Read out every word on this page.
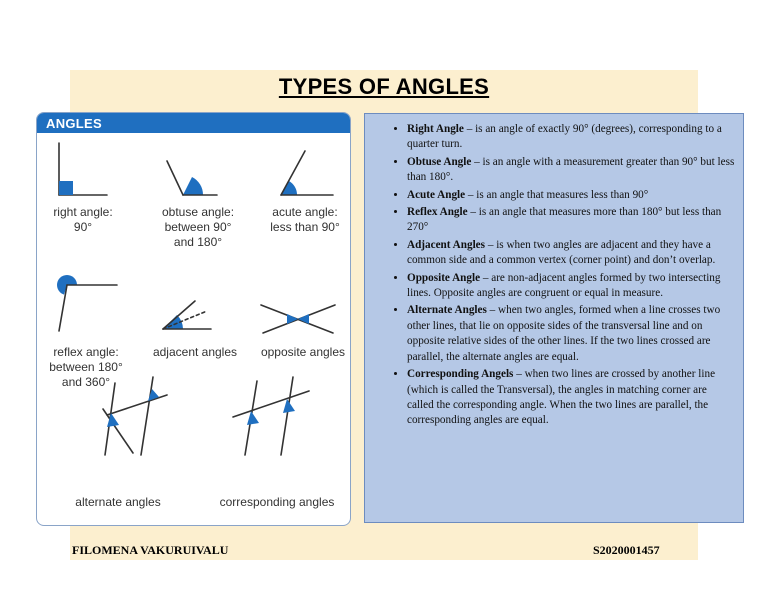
TYPES OF ANGLES
ANGLES
right angle: 90°
obtuse angle:
between 90°
and 180°
acute angle:
less than 90°
reflex angle:
between 180°
and 360°
adjacent angles	opposite angles
alternate angles	corresponding angles
• Right Angle – is an angle of exactly 90° (degrees), corresponding to a quarter turn.
• Obtuse Angle – is an angle with a measurement greater than 90° but less than 180°.
• Acute Angle – is an angle that measures less than 90°
• Reflex Angle – is an angle that measures more than 180° but less than 270°
• Adjacent Angles – is when two angles are adjacent and they have a common side and a common vertex (corner point) and don’t overlap.
• Opposite Angle – are non-adjacent angles formed by two intersecting lines. Opposite angles are congruent or equal in measure.
• Alternate Angles – when two angles, formed when a line crosses two other lines, that lie on opposite sides of the transversal line and on opposite relative sides of the other lines. If the two lines crossed are parallel, the alternate angles are equal.
• Corresponding Angels – when two lines are crossed by another line (which is called the Transversal), the angles in matching corner are called the corresponding angle. When the two lines are parallel, the corresponding angles are equal.
FILOMENA VAKURUIVALU	S2020001457
